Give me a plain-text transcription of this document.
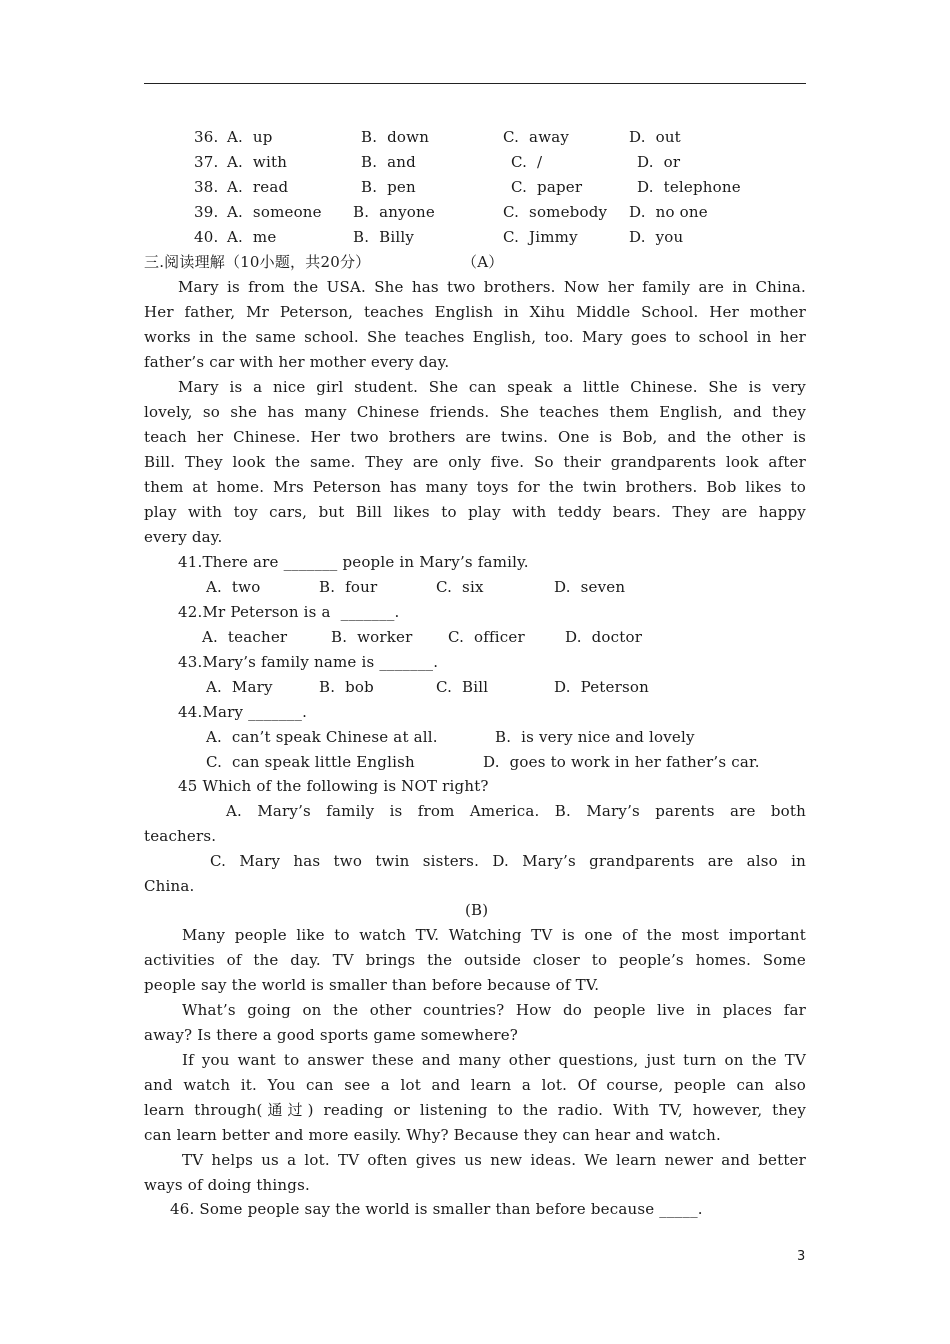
36. A.  up	B.  down	C.  away	D.  out
37. A.  with	B.  and	C.  /	D.  or
38. A.  read	B.  pen	C.  paper	D.  telephone
39. A.  someone B.  anyone	C.  somebody D.  no one
40. A.  me	B.  Billy	C.  Jimmy	D.  you
三.阅读理解（10小题，共20分）	（A）
Mary is from the USA. She has two brothers. Now her family are in China.
Her father, Mr Peterson, teaches English in Xihu Middle School. Her mother
works in the same school. She teaches English, too. Mary goes to school in her
father’s car with her mother every day.
Mary is a nice girl student. She can speak a little Chinese. She is very
lovely, so she has many Chinese friends. She teaches them English, and they
teach her Chinese. Her two brothers are twins. One is Bob, and the other is
Bill. They look the same. They are only five. So their grandparents look after
them at home. Mrs Peterson has many toys for the twin brothers. Bob likes to
play with toy cars, but Bill likes to play with teddy bears. They are happy
every day.
41.There are _______ people in Mary’s family.
A.  two	B.  four	C.  six	D.  seven
42.Mr Peterson is a  _______.
A.  teacher	B.  worker C.  officer	D.  doctor
43.Mary’s family name is _______.
A.  Mary	B.  bob	C.  Bill	D.  Peterson
44.Mary _______.
A.  can’t speak Chinese at all.	B.  is very nice and lovely
C.  can speak little English	D.  goes to work in her father’s car.
45 Which of the following is NOT right?
A. Mary’s family is from America. B. Mary’s parents are both
teachers.
C. Mary has two twin sisters. D. Mary’s grandparents are also in
China.
(B)
Many people like to watch TV. Watching TV is one of the most important
activities of the day. TV brings the outside closer to people’s homes. Some
people say the world is smaller than before because of TV.
What’s going on the other countries? How do people live in places far
away? Is there a good sports game somewhere?
If you want to answer these and many other questions, just turn on the TV
and watch it. You can see a lot and learn a lot. Of course, people can also
learn through(通过) reading or listening to the radio. With TV, however, they
can learn better and more easily. Why? Because they can hear and watch.
TV helps us a lot. TV often gives us new ideas. We learn newer and better
ways of doing things.
46. Some people say the world is smaller than before because _____.
3
